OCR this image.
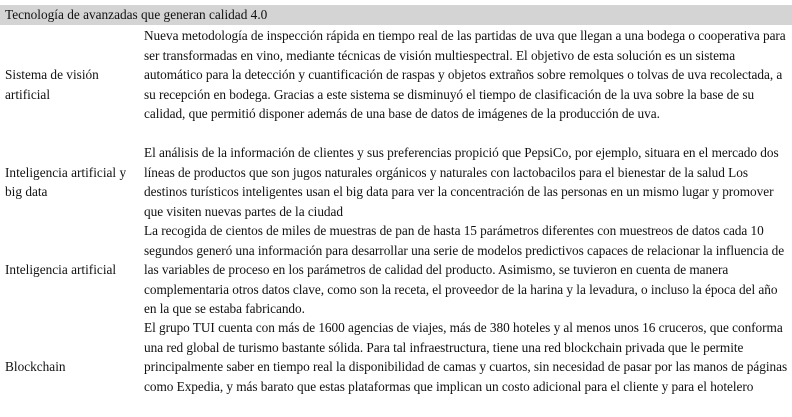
Tecnología de avanzadas que generan calidad 4.0
Sistema de visión artificial
Nueva metodología de inspección rápida en tiempo real de las partidas de uva que llegan a una bodega o cooperativa para ser transformadas en vino, mediante técnicas de visión multiespectral. El objetivo de esta solución es un sistema automático para la detección y cuantificación de raspas y objetos extraños sobre remolques o tolvas de uva recolectada, a su recepción en bodega. Gracias a este sistema se disminuyó el tiempo de clasificación de la uva sobre la base de su calidad, que permitió disponer además de una base de datos de imágenes de la producción de uva.
Inteligencia artificial y big data
El análisis de la información de clientes y sus preferencias propició que PepsiCo, por ejemplo, situara en el mercado dos líneas de productos que son jugos naturales orgánicos y naturales con lactobacilos para el bienestar de la salud Los destinos turísticos inteligentes usan el big data para ver la concentración de las personas en un mismo lugar y promover que visiten nuevas partes de la ciudad
Inteligencia artificial
La recogida de cientos de miles de muestras de pan de hasta 15 parámetros diferentes con muestreos de datos cada 10 segundos generó una información para desarrollar una serie de modelos predictivos capaces de relacionar la influencia de las variables de proceso en los parámetros de calidad del producto. Asimismo, se tuvieron en cuenta de manera complementaria otros datos clave, como son la receta, el proveedor de la harina y la levadura, o incluso la época del año en la que se estaba fabricando.
Blockchain
El grupo TUI cuenta con más de 1600 agencias de viajes, más de 380 hoteles y al menos unos 16 cruceros, que conforma una red global de turismo bastante sólida. Para tal infraestructura, tiene una red blockchain privada que le permite principalmente saber en tiempo real la disponibilidad de camas y cuartos, sin necesidad de pasar por las manos de páginas como Expedia, y más barato que estas plataformas que implican un costo adicional para el cliente y para el hotelero
